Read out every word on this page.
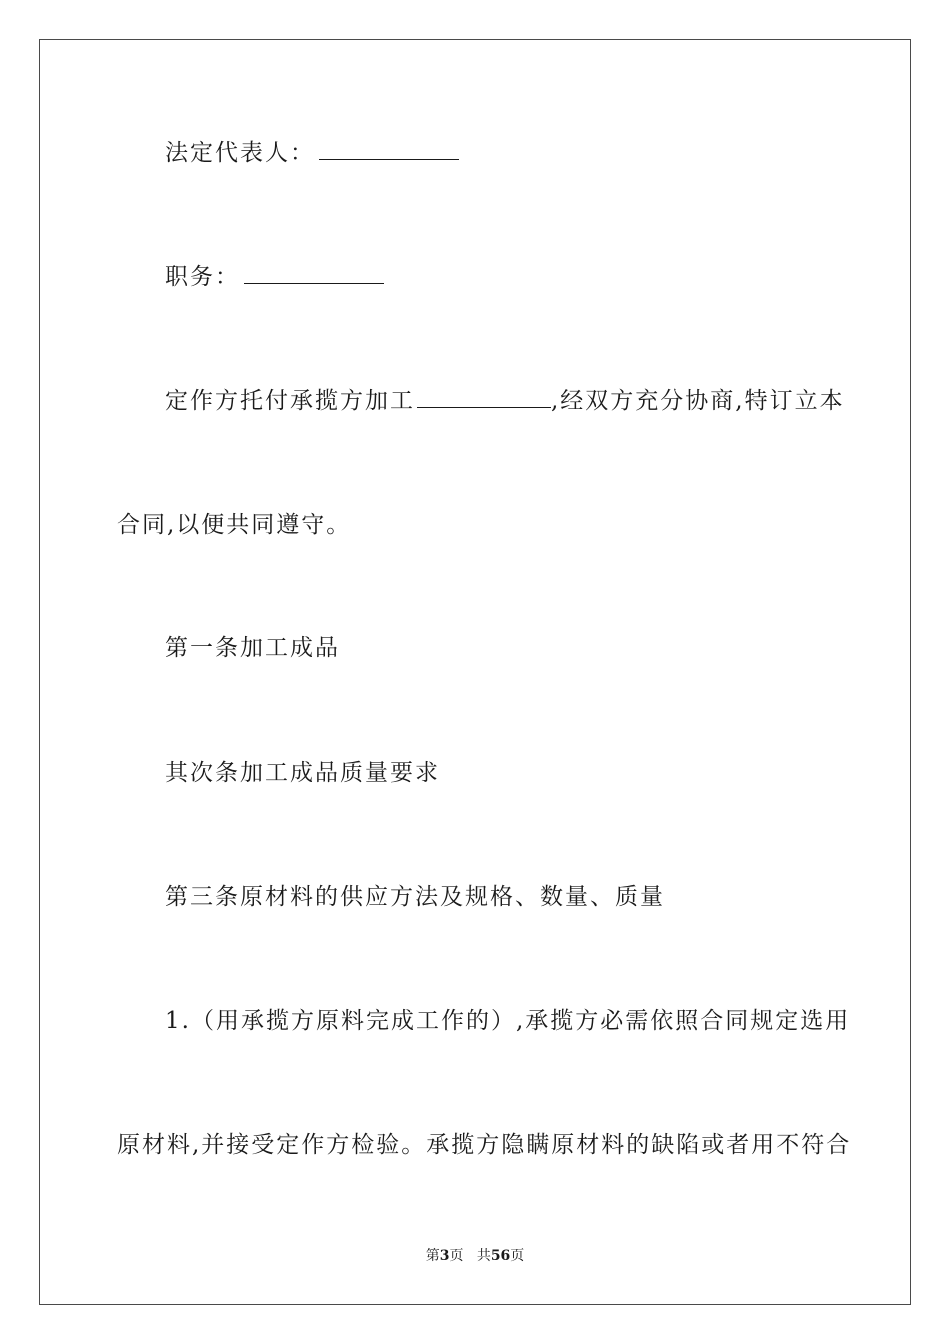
法定代表人：
职务：
定作方托付承揽方加工	,经双方充分协商,特订立本
合同,以便共同遵守。
第一条加工成品
其次条加工成品质量要求
第三条原材料的供应方法及规格、数量、质量
1.（用承揽方原料完成工作的）,承揽方必需依照合同规定选用
原材料,并接受定作方检验。承揽方隐瞒原材料的缺陷或者用不符合
第3页 共56页
